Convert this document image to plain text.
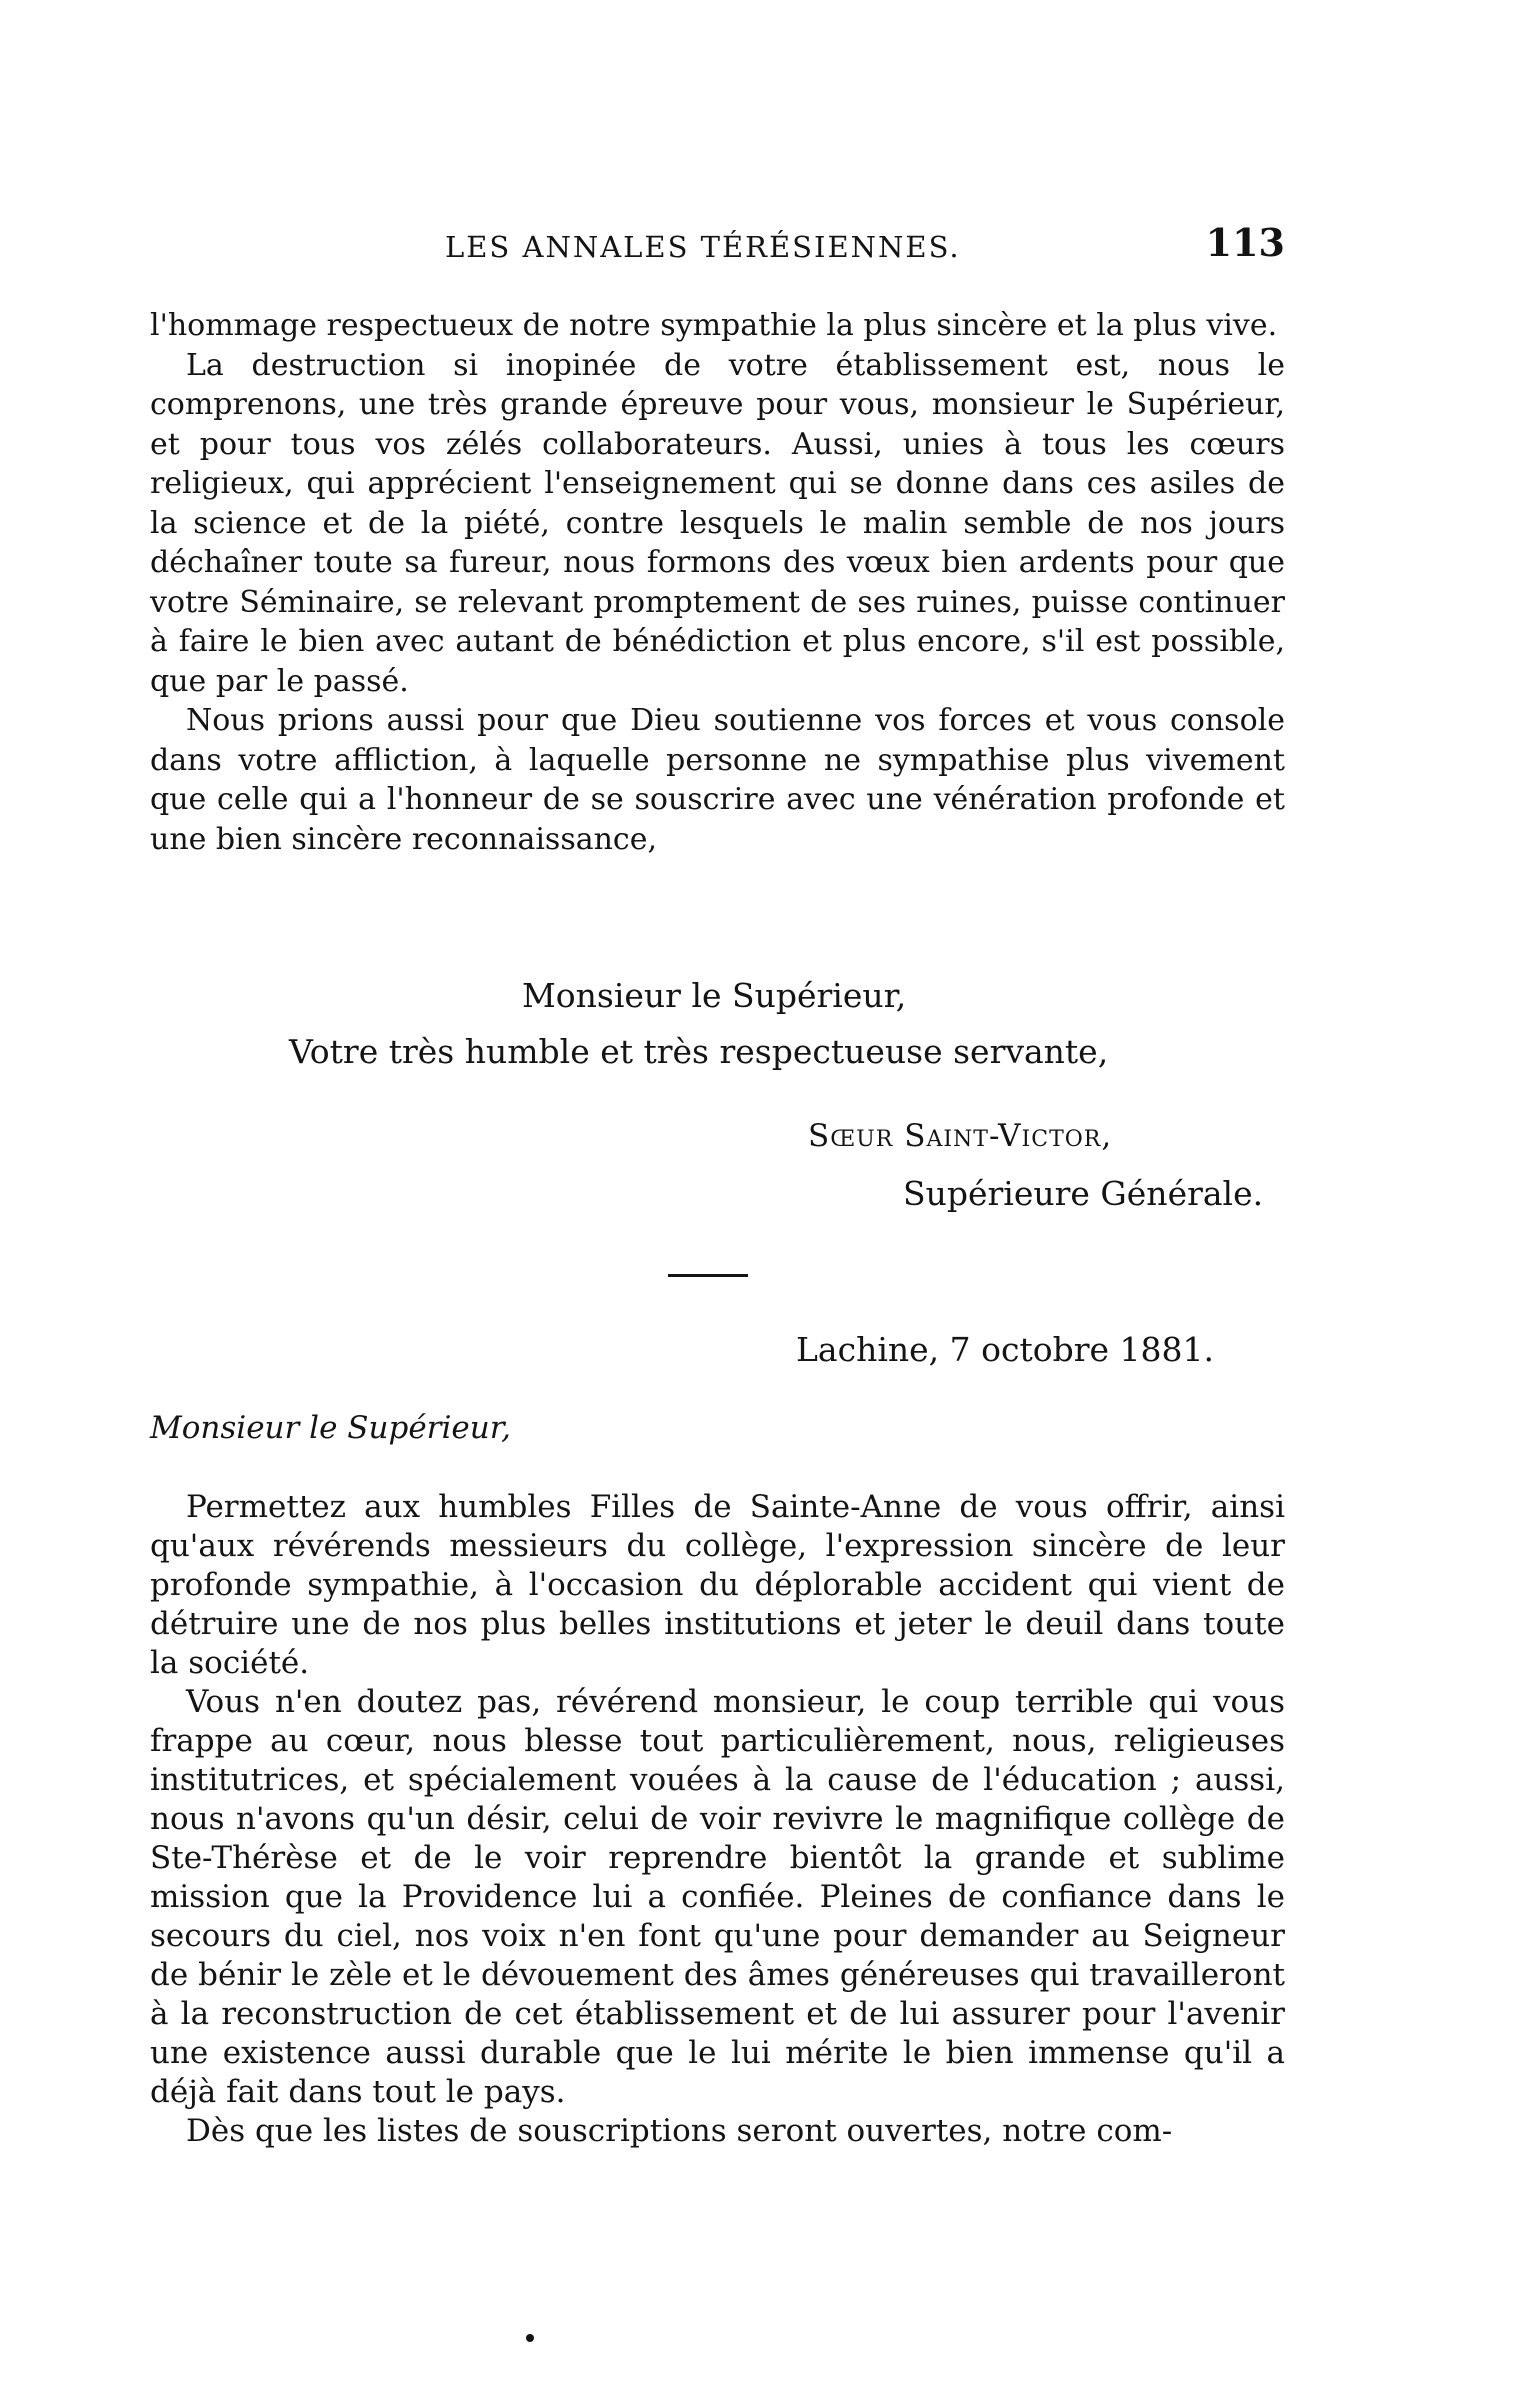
LES ANNALES TÉRÉSIENNES.	113

l'hommage respectueux de notre sympathie la plus sincère et la plus vive.

La destruction si inopinée de votre établissement est, nous le comprenons, une très grande épreuve pour vous, monsieur le Supérieur, et pour tous vos zélés collaborateurs. Aussi, unies à tous les cœurs religieux, qui apprécient l'enseignement qui se donne dans ces asiles de la science et de la piété, contre lesquels le malin semble de nos jours déchaîner toute sa fureur, nous formons des vœux bien ardents pour que votre Séminaire, se relevant promptement de ses ruines, puisse continuer à faire le bien avec autant de bénédiction et plus encore, s'il est possible, que par le passé.

Nous prions aussi pour que Dieu soutienne vos forces et vous console dans votre affliction, à laquelle personne ne sympathise plus vivement que celle qui a l'honneur de se souscrire avec une vénération profonde et une bien sincère reconnaissance,

Monsieur le Supérieur,
Votre très humble et très respectueuse servante,
Sœur Saint-Victor,
Supérieure Générale.
Lachine, 7 octobre 1881.
Monsieur le Supérieur,

Permettez aux humbles Filles de Sainte-Anne de vous offrir, ainsi qu'aux révérends messieurs du collège, l'expression sincère de leur profonde sympathie, à l'occasion du déplorable accident qui vient de détruire une de nos plus belles institutions et jeter le deuil dans toute la société.

Vous n'en doutez pas, révérend monsieur, le coup terrible qui vous frappe au cœur, nous blesse tout particulièrement, nous, religieuses institutrices, et spécialement vouées à la cause de l'éducation ; aussi, nous n'avons qu'un désir, celui de voir revivre le magnifique collège de Ste-Thérèse et de le voir reprendre bientôt la grande et sublime mission que la Providence lui a confiée. Pleines de confiance dans le secours du ciel, nos voix n'en font qu'une pour demander au Seigneur de bénir le zèle et le dévouement des âmes généreuses qui travailleront à la reconstruction de cet établissement et de lui assurer pour l'avenir une existence aussi durable que le lui mérite le bien immense qu'il a déjà fait dans tout le pays.

Dès que les listes de souscriptions seront ouvertes, notre com-
